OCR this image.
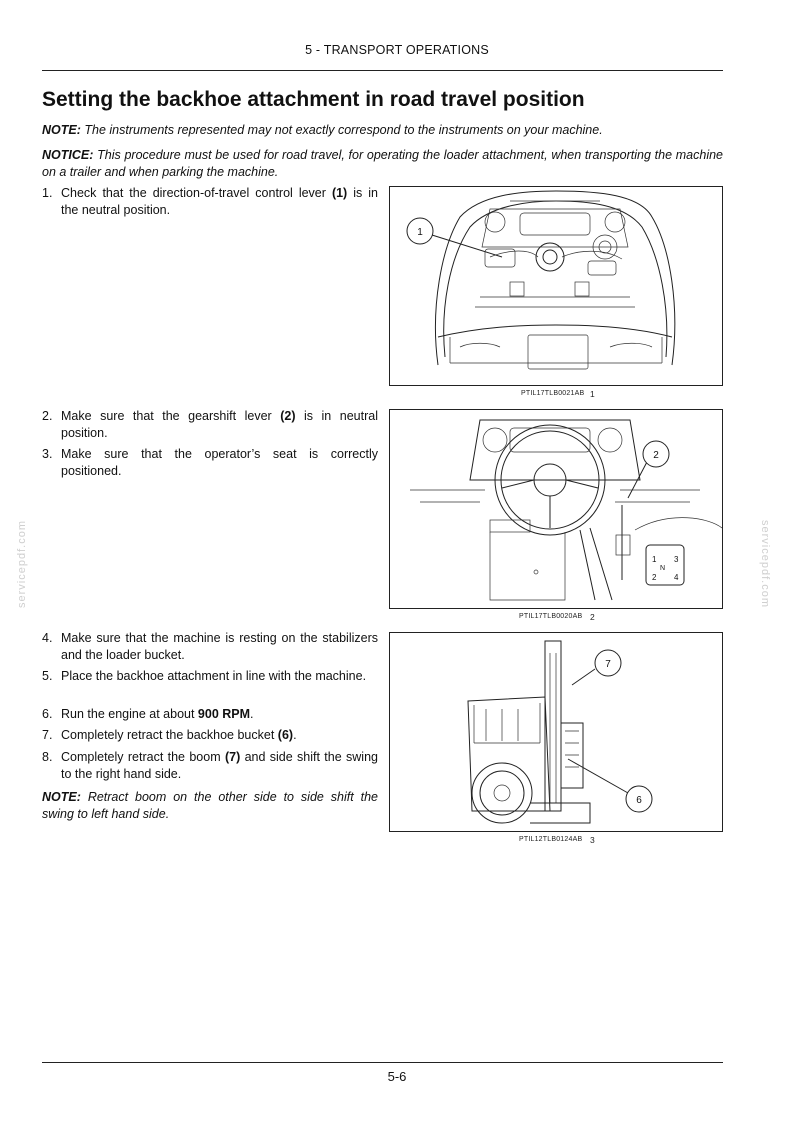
5 - TRANSPORT OPERATIONS
Setting the backhoe attachment in road travel position
NOTE: The instruments represented may not exactly correspond to the instruments on your machine.
NOTICE: This procedure must be used for road travel, for operating the loader attachment, when transporting the machine on a trailer and when parking the machine.
1. Check that the direction-of-travel control lever (1) is in the neutral position.
2. Make sure that the gearshift lever (2) is in neutral position.
3. Make sure that the operator’s seat is correctly positioned.
4. Make sure that the machine is resting on the stabilizers and the loader bucket.
5. Place the backhoe attachment in line with the machine.
6. Run the engine at about 900 RPM.
7. Completely retract the backhoe bucket (6).
8. Completely retract the boom (7) and side shift the swing to the right hand side.
NOTE: Retract boom on the other side to side shift the swing to left hand side.
1
PTIL17TLB0021AB 1
1 3
N
2 4
2
PTIL17TLB0020AB 2
7
6
PTIL12TLB0124AB 3
servicepdf.com	servicepdf.com
5-6
